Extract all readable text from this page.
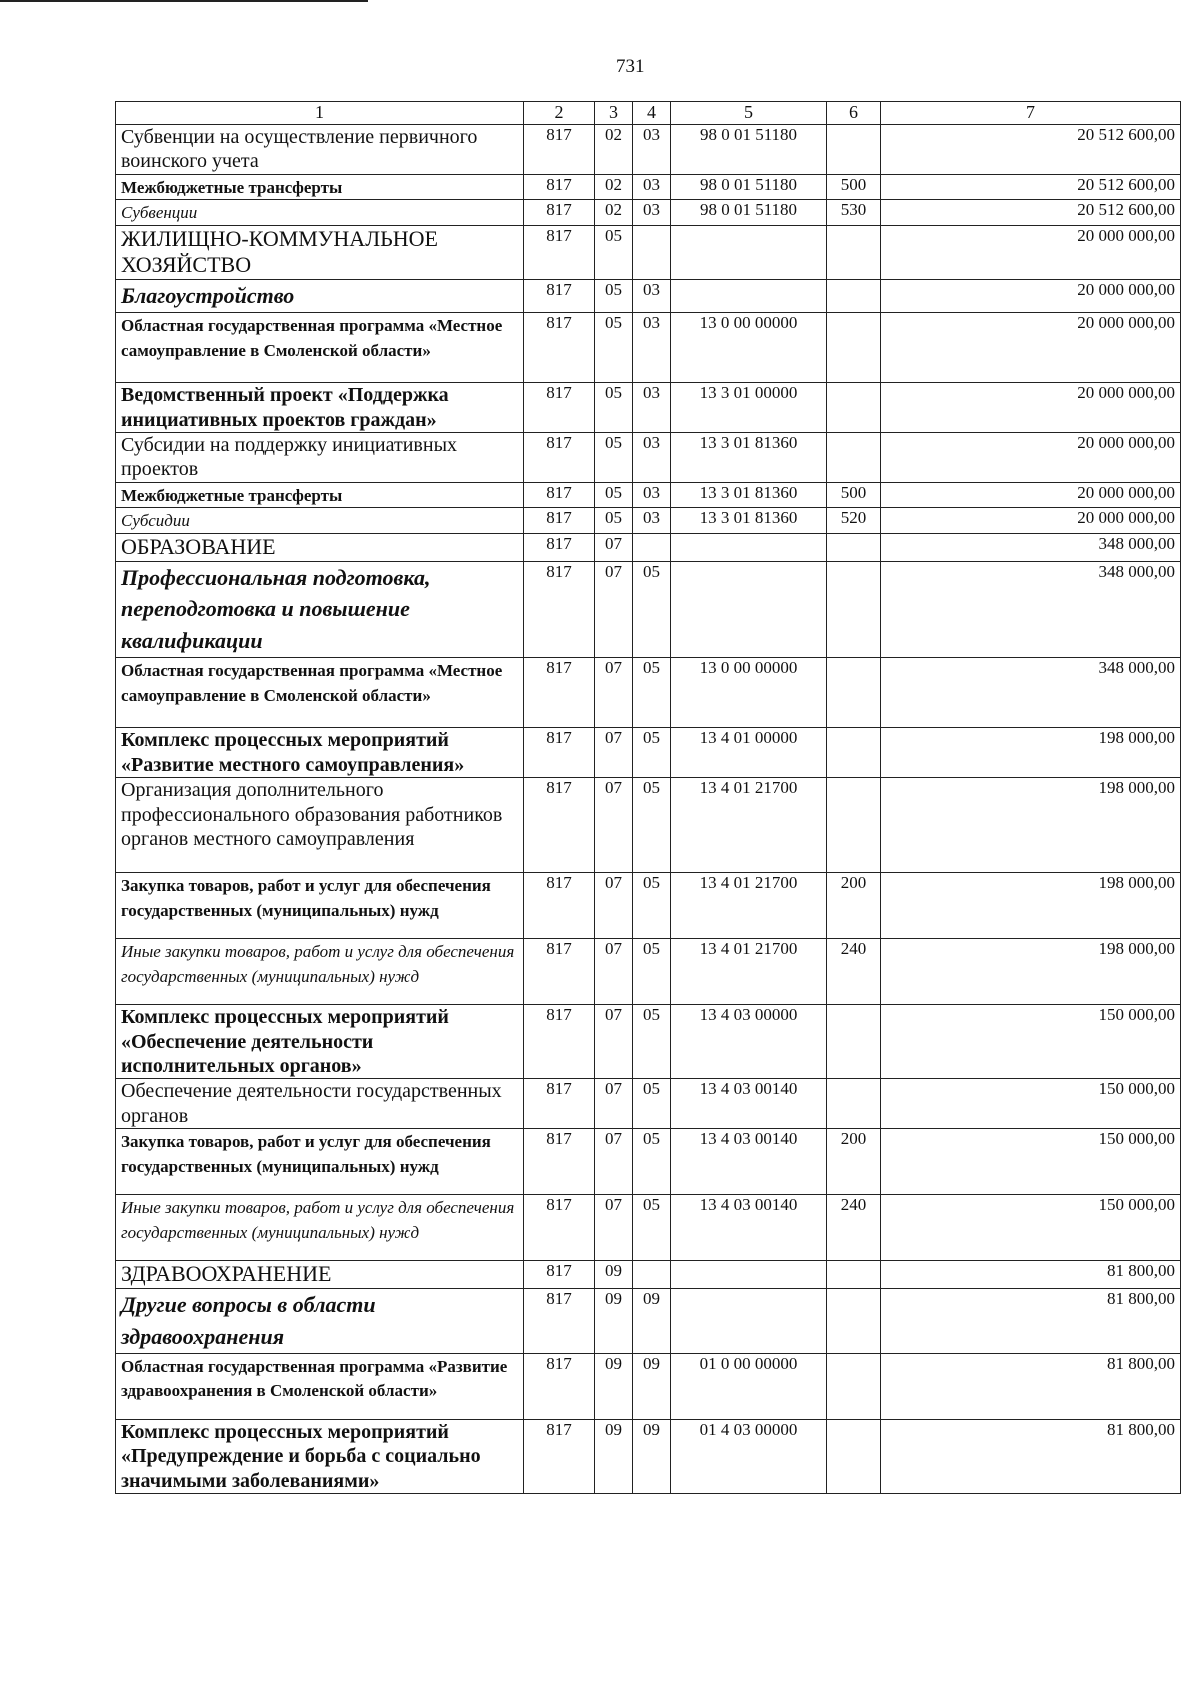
731
1	2	3	4	5	6	7
Субвенции на осуществление первичного воинского учета	817	02	03	98 0 01 51180		20 512 600,00
Межбюджетные трансферты	817	02	03	98 0 01 51180	500	20 512 600,00
Субвенции	817	02	03	98 0 01 51180	530	20 512 600,00
ЖИЛИЩНО-КОММУНАЛЬНОЕ ХОЗЯЙСТВО	817	05				20 000 000,00
Благоустройство	817	05	03			20 000 000,00
Областная государственная программа «Местное самоуправление в Смоленской области»	817	05	03	13 0 00 00000		20 000 000,00
Ведомственный проект «Поддержка инициативных проектов граждан»	817	05	03	13 3 01 00000		20 000 000,00
Субсидии на поддержку инициативных проектов	817	05	03	13 3 01 81360		20 000 000,00
Межбюджетные трансферты	817	05	03	13 3 01 81360	500	20 000 000,00
Субсидии	817	05	03	13 3 01 81360	520	20 000 000,00
ОБРАЗОВАНИЕ	817	07				348 000,00
Профессиональная подготовка, переподготовка и повышение квалификации	817	07	05			348 000,00
Областная государственная программа «Местное самоуправление в Смоленской области»	817	07	05	13 0 00 00000		348 000,00
Комплекс процессных мероприятий «Развитие местного самоуправления»	817	07	05	13 4 01 00000		198 000,00
Организация дополнительного профессионального образования работников органов местного самоуправления	817	07	05	13 4 01 21700		198 000,00
Закупка товаров, работ и услуг для обеспечения государственных (муниципальных) нужд	817	07	05	13 4 01 21700	200	198 000,00
Иные закупки товаров, работ и услуг для обеспечения государственных (муниципальных) нужд	817	07	05	13 4 01 21700	240	198 000,00
Комплекс процессных мероприятий «Обеспечение деятельности исполнительных органов»	817	07	05	13 4 03 00000		150 000,00
Обеспечение деятельности государственных органов	817	07	05	13 4 03 00140		150 000,00
Закупка товаров, работ и услуг для обеспечения государственных (муниципальных) нужд	817	07	05	13 4 03 00140	200	150 000,00
Иные закупки товаров, работ и услуг для обеспечения государственных (муниципальных) нужд	817	07	05	13 4 03 00140	240	150 000,00
ЗДРАВООХРАНЕНИЕ	817	09				81 800,00
Другие вопросы в области здравоохранения	817	09	09			81 800,00
Областная государственная программа «Развитие здравоохранения в Смоленской области»	817	09	09	01 0 00 00000		81 800,00
Комплекс процессных мероприятий «Предупреждение и борьба с социально значимыми заболеваниями»	817	09	09	01 4 03 00000		81 800,00
